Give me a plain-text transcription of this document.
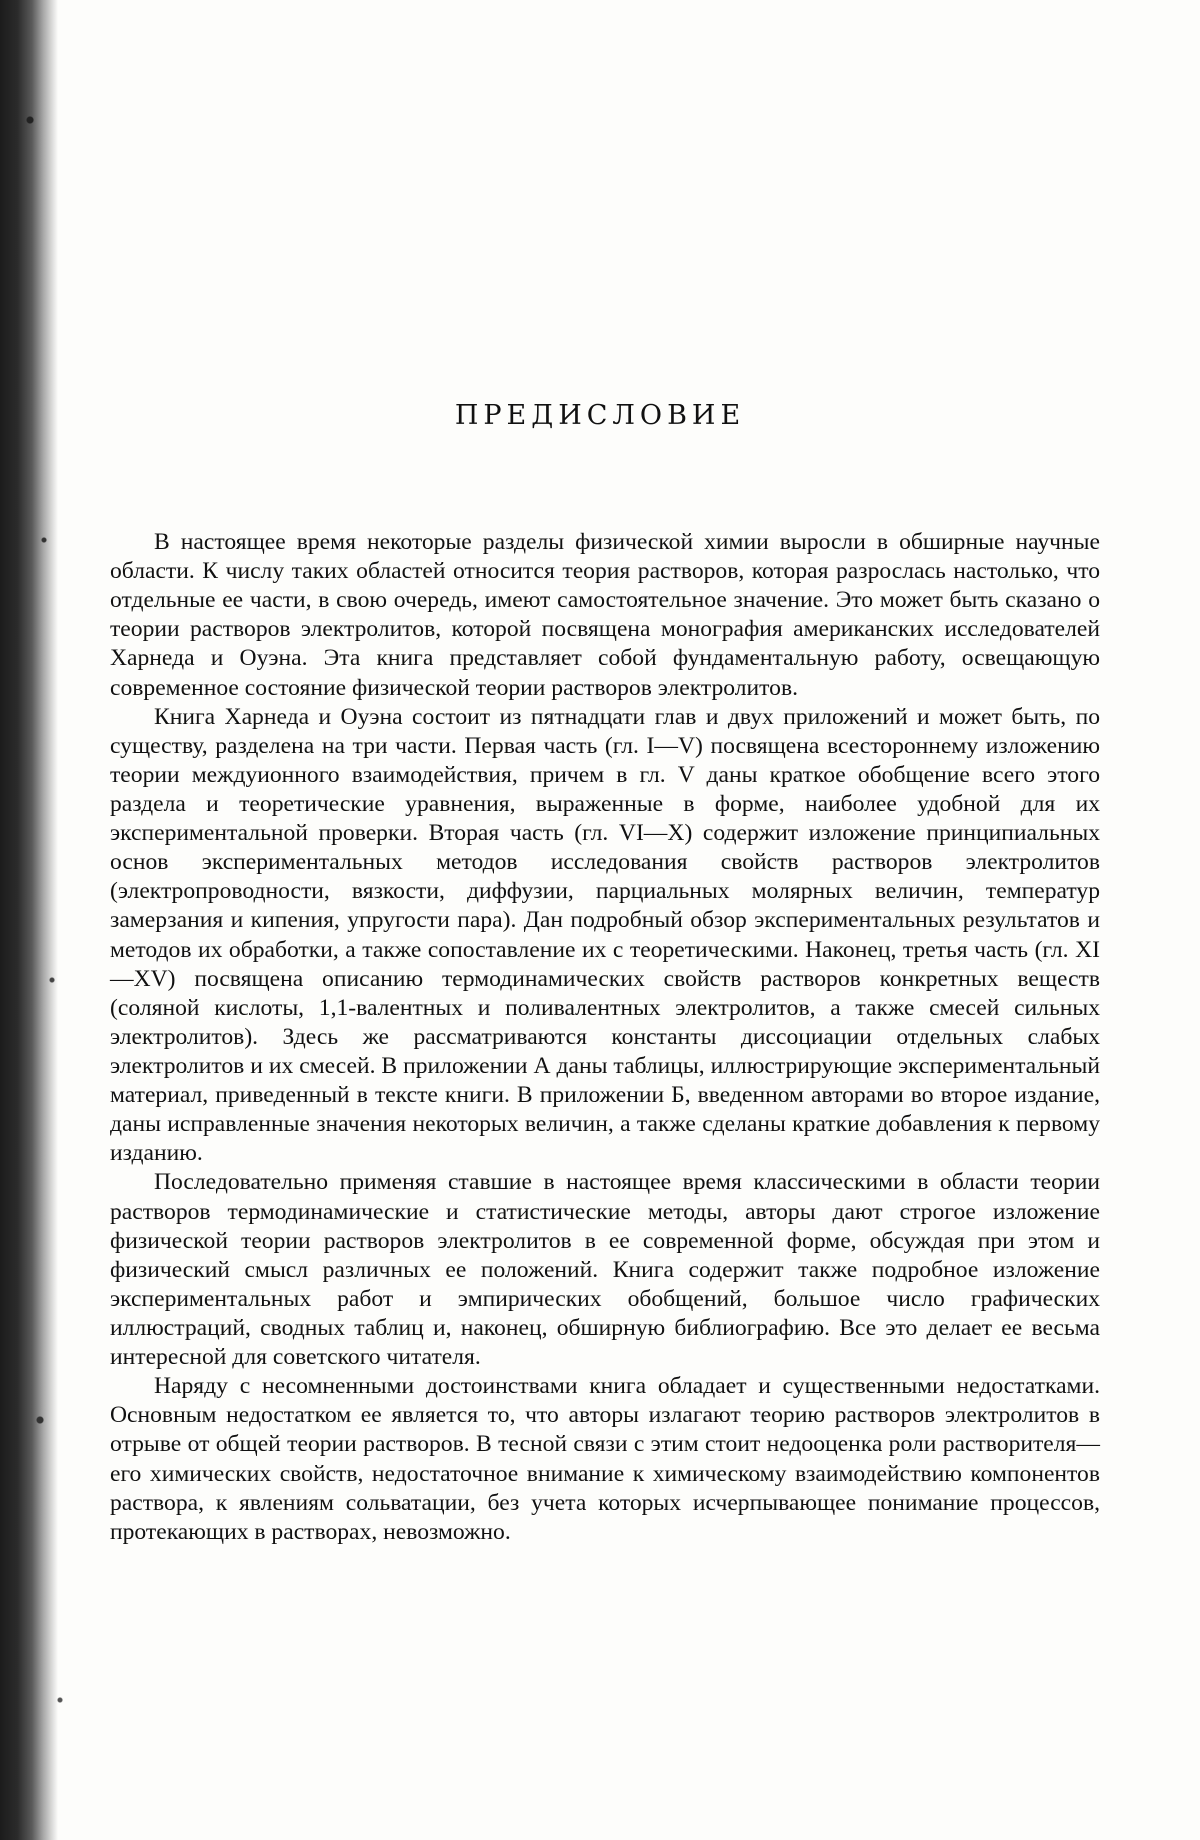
ПРЕДИСЛОВИЕ

В настоящее время некоторые разделы физической химии выросли в обширные научные области. К числу таких областей относится теория растворов, которая разрослась настолько, что отдельные ее части, в свою очередь, имеют самостоятельное значение. Это может быть сказано о теории растворов электролитов, которой посвящена монография американских исследователей Харнеда и Оуэна. Эта книга представляет собой фундаментальную работу, освещающую современное состояние физической теории растворов электролитов.

Книга Харнеда и Оуэна состоит из пятнадцати глав и двух приложений и может быть, по существу, разделена на три части. Первая часть (гл. I—V) посвящена всестороннему изложению теории междуионного взаимодействия, причем в гл. V даны краткое обобщение всего этого раздела и теоретические уравнения, выраженные в форме, наиболее удобной для их экспериментальной проверки. Вторая часть (гл. VI—X) содержит изложение принципиальных основ экспериментальных методов исследования свойств растворов электролитов (электропроводности, вязкости, диффузии, парциальных молярных величин, температур замерзания и кипения, упругости пара). Дан подробный обзор экспериментальных результатов и методов их обработки, а также сопоставление их с теоретическими. Наконец, третья часть (гл. XI—XV) посвящена описанию термодинамических свойств растворов конкретных веществ (соляной кислоты, 1,1-валентных и поливалентных электролитов, а также смесей сильных электролитов). Здесь же рассматриваются константы диссоциации отдельных слабых электролитов и их смесей. В приложении А даны таблицы, иллюстрирующие экспериментальный материал, приведенный в тексте книги. В приложении Б, введенном авторами во второе издание, даны исправленные значения некоторых величин, а также сделаны краткие добавления к первому изданию.

Последовательно применяя ставшие в настоящее время классическими в области теории растворов термодинамические и статистические методы, авторы дают строгое изложение физической теории растворов электролитов в ее современной форме, обсуждая при этом и физический смысл различных ее положений. Книга содержит также подробное изложение экспериментальных работ и эмпирических обобщений, большое число графических иллюстраций, сводных таблиц и, наконец, обширную библиографию. Все это делает ее весьма интересной для советского читателя.

Наряду с несомненными достоинствами книга обладает и существенными недостатками. Основным недостатком ее является то, что авторы излагают теорию растворов электролитов в отрыве от общей теории растворов. В тесной связи с этим стоит недооценка роли растворителя—его химических свойств, недостаточное внимание к химическому взаимодействию компонентов раствора, к явлениям сольватации, без учета которых исчерпывающее понимание процессов, протекающих в растворах, невозможно.
